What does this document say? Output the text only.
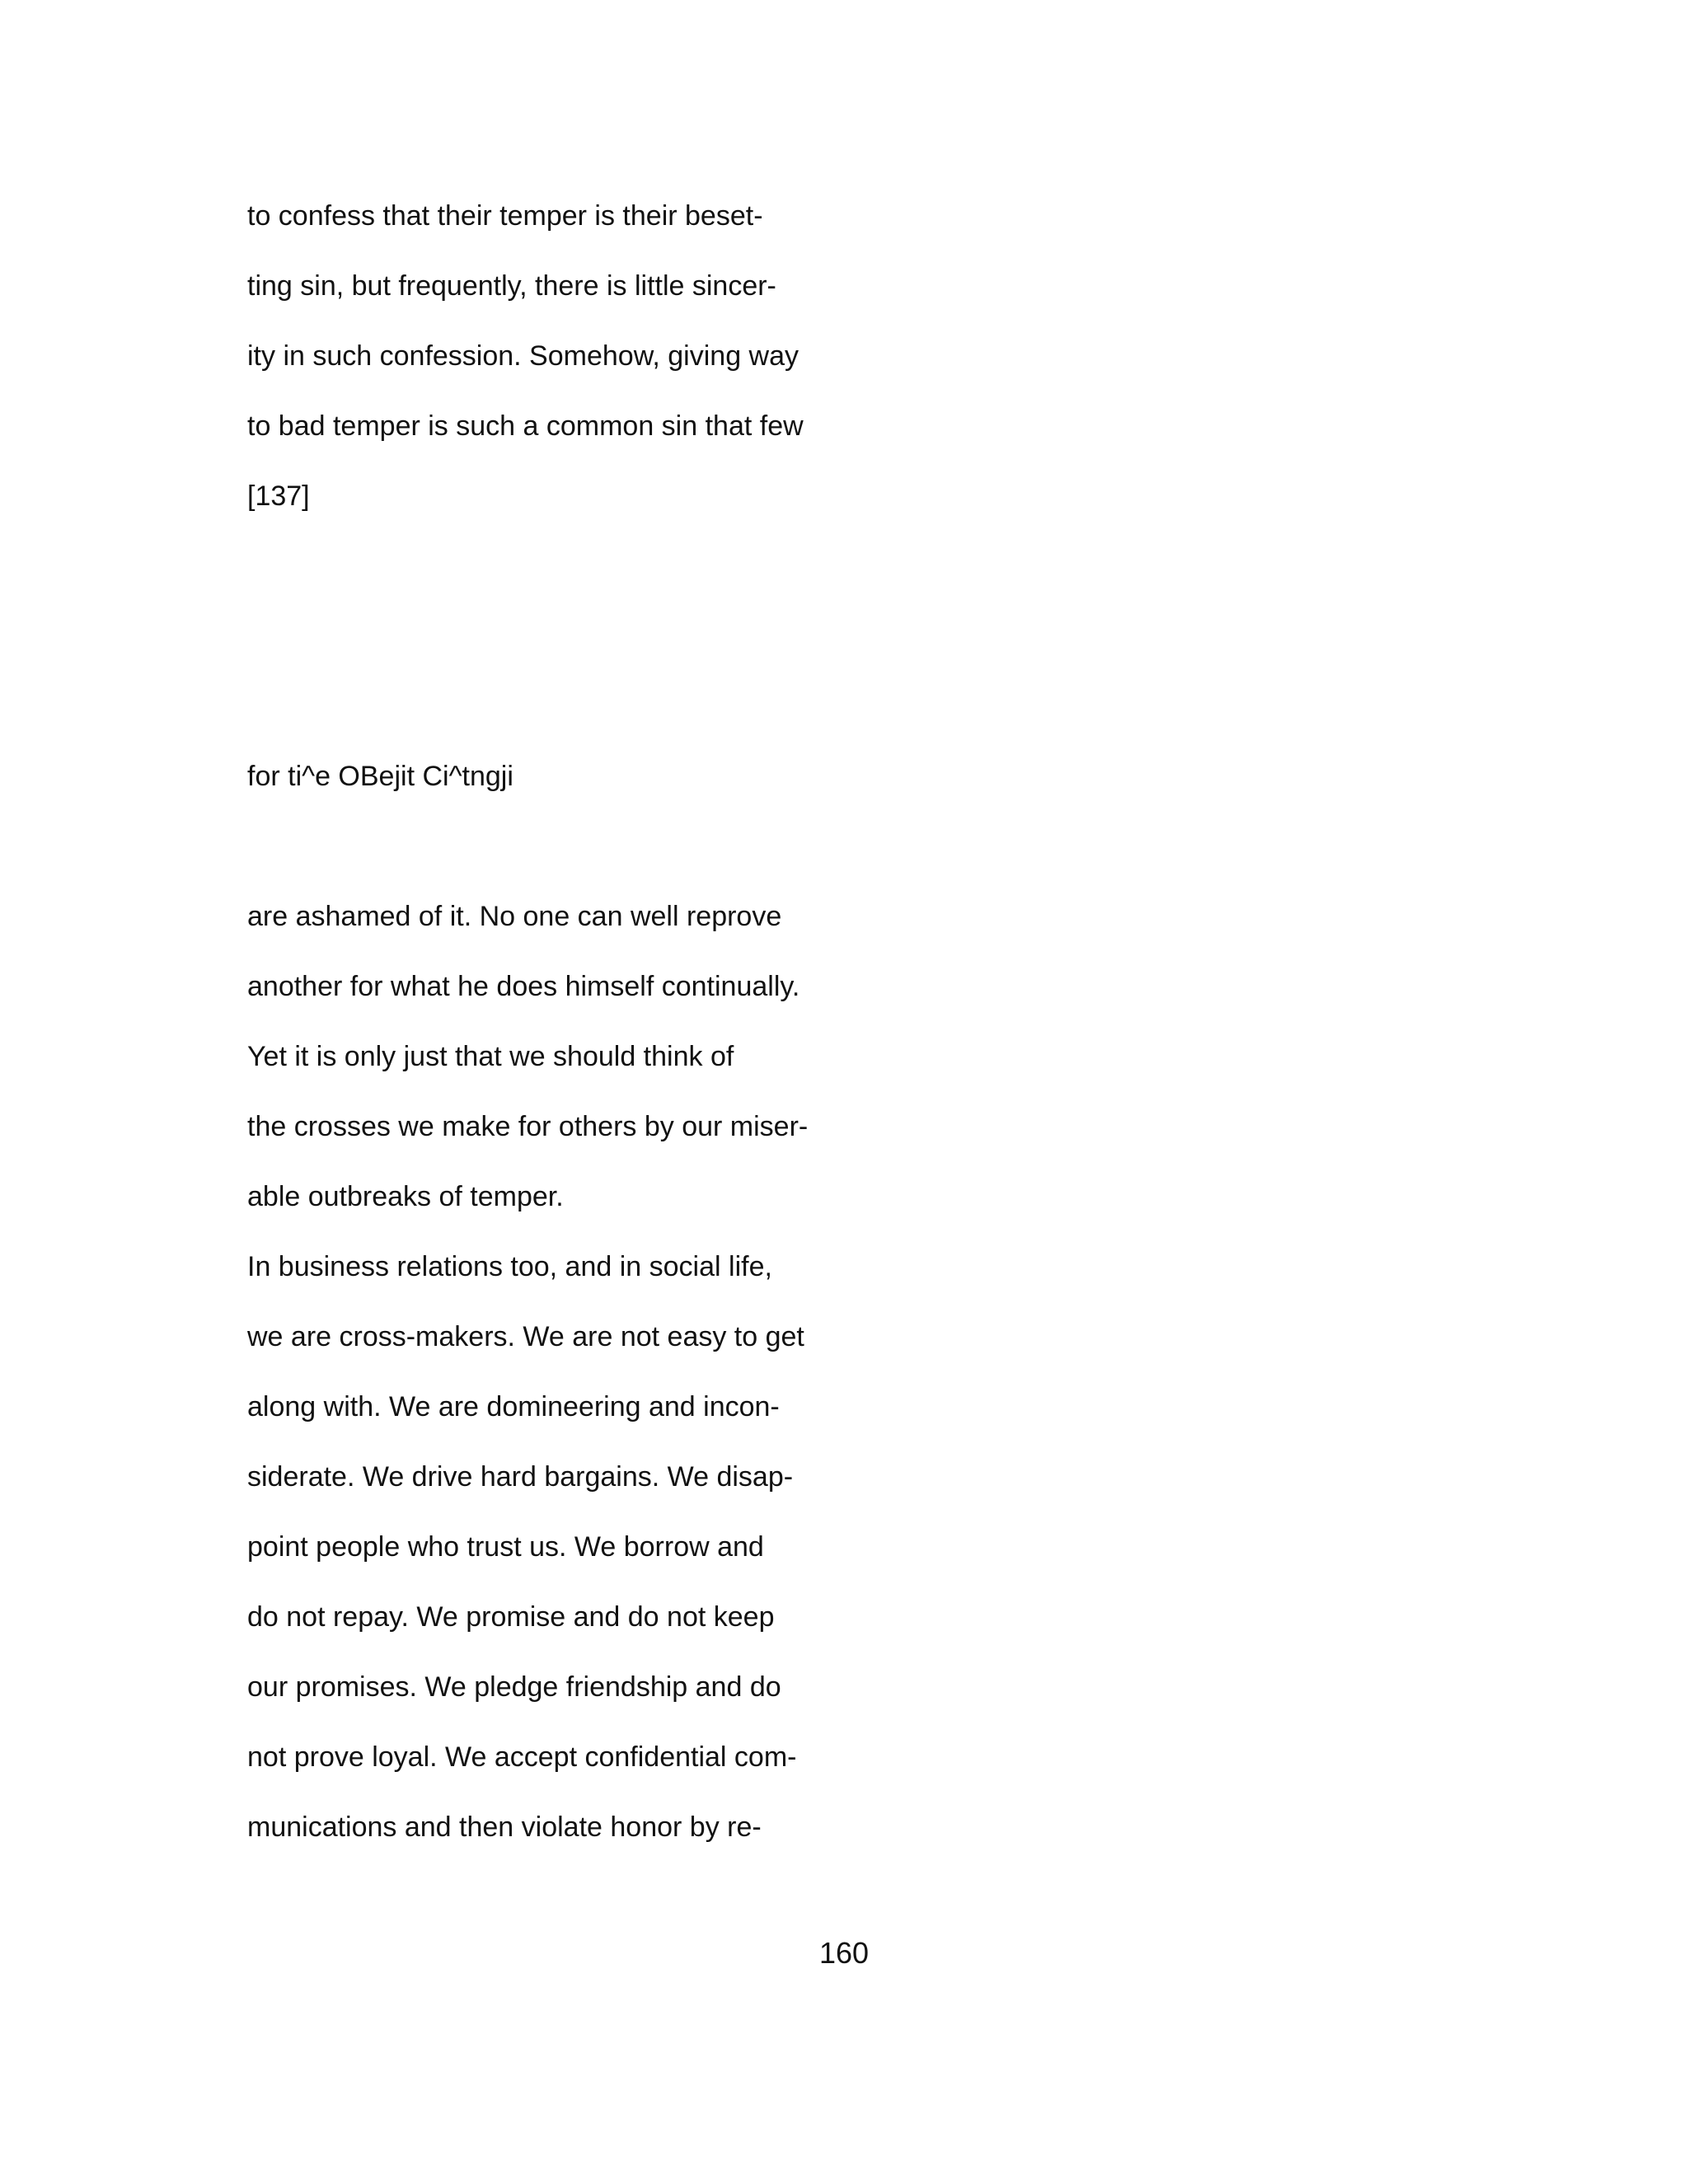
to confess that their temper is their beset-
ting sin, but frequently, there is little sincer-
ity in such confession. Somehow, giving way
to bad temper is such a common sin that few
[137]
for ti^e OBejit Ci^tngji
are ashamed of it. No one can well reprove
another for what he does himself continually.
Yet it is only just that we should think of
the crosses we make for others by our miser-
able outbreaks of temper.
In business relations too, and in social life,
we are cross-makers. We are not easy to get
along with. We are domineering and incon-
siderate. We drive hard bargains. We disap-
point people who trust us. We borrow and
do not repay. We promise and do not keep
our promises. We pledge friendship and do
not prove loyal. We accept confidential com-
munications and then violate honor by re-
160
